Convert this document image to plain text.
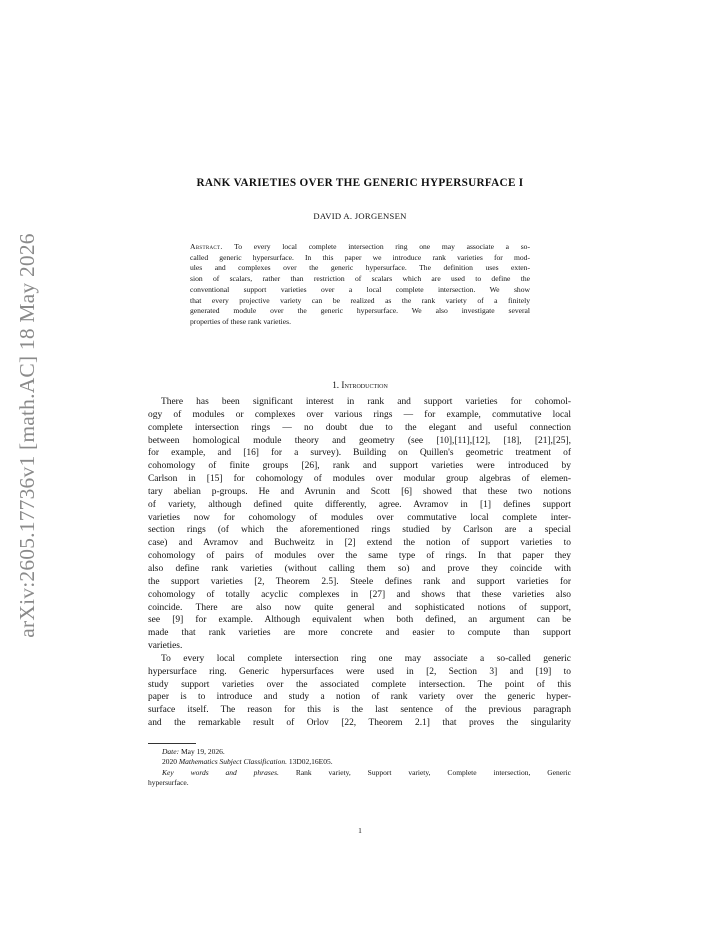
arXiv:2605.17736v1 [math.AC] 18 May 2026
RANK VARIETIES OVER THE GENERIC HYPERSURFACE I
DAVID A. JORGENSEN
Abstract. To every local complete intersection ring one may associate a so-
called generic hypersurface. In this paper we introduce rank varieties for mod-
ules and complexes over the generic hypersurface. The definition uses exten-
sion of scalars, rather than restriction of scalars which are used to define the
conventional support varieties over a local complete intersection. We show
that every projective variety can be realized as the rank variety of a finitely
generated module over the generic hypersurface. We also investigate several
properties of these rank varieties.
1. Introduction
There has been significant interest in rank and support varieties for cohomol-
ogy of modules or complexes over various rings — for example, commutative local
complete intersection rings — no doubt due to the elegant and useful connection
between homological module theory and geometry (see [10],[11],[12], [18], [21],[25],
for example, and [16] for a survey). Building on Quillen's geometric treatment of
cohomology of finite groups [26], rank and support varieties were introduced by
Carlson in [15] for cohomology of modules over modular group algebras of elemen-
tary abelian p-groups. He and Avrunin and Scott [6] showed that these two notions
of variety, although defined quite differently, agree. Avramov in [1] defines support
varieties now for cohomology of modules over commutative local complete inter-
section rings (of which the aforementioned rings studied by Carlson are a special
case) and Avramov and Buchweitz in [2] extend the notion of support varieties to
cohomology of pairs of modules over the same type of rings. In that paper they
also define rank varieties (without calling them so) and prove they coincide with
the support varieties [2, Theorem 2.5]. Steele defines rank and support varieties for
cohomology of totally acyclic complexes in [27] and shows that these varieties also
coincide. There are also now quite general and sophisticated notions of support,
see [9] for example. Although equivalent when both defined, an argument can be
made that rank varieties are more concrete and easier to compute than support
varieties.
To every local complete intersection ring one may associate a so-called generic
hypersurface ring. Generic hypersurfaces were used in [2, Section 3] and [19] to
study support varieties over the associated complete intersection. The point of this
paper is to introduce and study a notion of rank variety over the generic hyper-
surface itself. The reason for this is the last sentence of the previous paragraph
and the remarkable result of Orlov [22, Theorem 2.1] that proves the singularity
Date: May 19, 2026.
2020 Mathematics Subject Classification. 13D02,16E05.
Key words and phrases. Rank variety, Support variety, Complete intersection, Generic
hypersurface.
1
